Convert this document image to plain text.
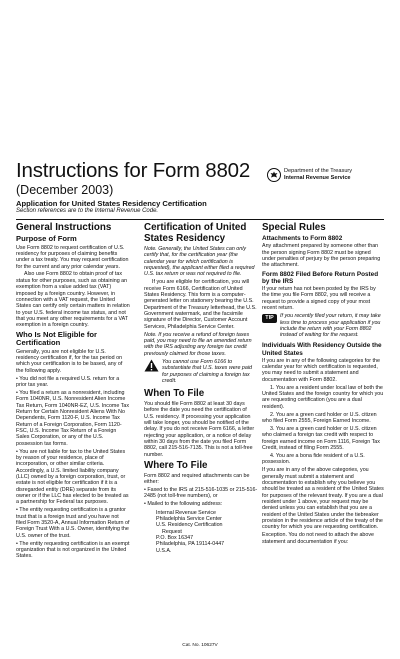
Instructions for Form 8802
(December 2003)
Application for United States Residency Certification
Section references are to the Internal Revenue Code.
Department of the Treasury
Internal Revenue Service
General Instructions
Purpose of Form

Use Form 8802 to request certification of U.S. residency for purposes of claiming benefits under a tax treaty. You may request certification for the current and any prior calendar years.

Also use Form 8802 to obtain proof of tax status for other purposes, such as obtaining an exemption from a value added tax (VAT) imposed by a foreign country. However, in connection with a VAT request, the United States can certify only certain matters in relation to your U.S. federal income tax status, and not that you meet any other requirements for a VAT exemption in a foreign country.

Who Is Not Eligible for Certification

Generally, you are not eligible for U.S. residency certification if, for the tax period on which your certification is to be based, any of the following apply.

• You did not file a required U.S. return for a prior tax year.

• You filed a return as a nonresident, including Form 1040NR, U.S. Nonresident Alien Income Tax Return, Form 1040NR-EZ, U.S. Income Tax Return for Certain Nonresident Aliens With No Dependents, Form 1120-F, U.S. Income Tax Return of a Foreign Corporation, Form 1120-FSC, U.S. Income Tax Return of a Foreign Sales Corporation, or any of the U.S. possession tax forms.

• You are not liable for tax to the United States by reason of your residence, place of incorporation, or other similar criteria. Accordingly, a U.S. limited liability company (LLC) owned by a foreign corporation, trust, or estate is not eligible for certification if it is a disregarded entity (DRE) separate from its owner or if the LLC has elected to be treated as a partnership for Federal tax purposes.

• The entity requesting certification is a grantor trust that is a foreign trust and you have not filed Form 3520-A, Annual Information Return of Foreign Trust With a U.S. Owner, identifying the U.S. owner of the trust.

• The entity requesting certification is an exempt organization that is not organized in the United States.

Certification of United States Residency

Note. Generally, the United States can only certify that, for the certification year (the calendar year for which certification is requested), the applicant either filed a required U.S. tax return or was not required to file.

If you are eligible for certification, you will receive Form 6166, Certification of United States Residency. This form is a computer-generated letter on stationery bearing the U.S. Department of the Treasury letterhead, the U.S. Government watermark, and the facsimile signature of the Director, Customer Account Services, Philadelphia Service Center.

Note. If you receive a refund of foreign taxes paid, you may need to file an amended return with the IRS adjusting any foreign tax credit previously claimed for those taxes.

You cannot use Form 6166 to substantiate that U.S. taxes were paid for purposes of claiming a foreign tax credit.

When To File

You should file Form 8802 at least 30 days before the date you need the certification of U.S. residency. If processing your application will take longer, you should be notified of the delay. If you do not receive Form 6166, a letter rejecting your application, or a notice of delay within 30 days from the date you filed Form 8802, call 215-516-7135. This is not a toll-free number.

Where To File

Form 8802 and required attachments can be either:

• Faxed to the IRS at 215-516-1035 or 215-516-2485 (not toll-free numbers), or

• Mailed to the following address:

Internal Revenue Service
Philadelphia Service Center
U.S. Residency Certification
Request
P.O. Box 16347
Philadelphia, PA 19114-0447
U.S.A.
Special Rules
Attachments to Form 8802

Any attachment prepared by someone other than the person signing Form 8802 must be signed under penalties of perjury by the person preparing the attachment.

Form 8802 Filed Before Return Posted by the IRS

If your return has not been posted by the IRS by the time you file Form 8802, you will receive a request to provide a signed copy of your most recent return.

TIP	If you recently filed your return, it may take less time to process your application if you include the return with your Form 8802 instead of waiting for the request.

Individuals With Residency Outside the United States

If you are in any of the following categories for the calendar year for which certification is requested, you may need to submit a statement and documentation with Form 8802.

1. You are a resident under local law of both the United States and the foreign country for which you are requesting certification (you are a dual resident).

2. You are a green card holder or U.S. citizen who filed Form 2555, Foreign Earned Income.

3. You are a green card holder or U.S. citizen who claimed a foreign tax credit with respect to foreign earned income on Form 1116, Foreign Tax Credit, instead of filing Form 2555.

4. You are a bona fide resident of a U.S. possession.

If you are in any of the above categories, you generally must submit a statement and documentation to establish why you believe you should be treated as a resident of the United States for purposes of the relevant treaty. If you are a dual resident under 1 above, your request may be denied unless you can establish that you are a resident of the United States under the tiebreaker provision in the residence article of the treaty of the country for which you are requesting certification.

Exception. You do not need to attach the above statement and documentation if you:

Cat. No. 10627V
